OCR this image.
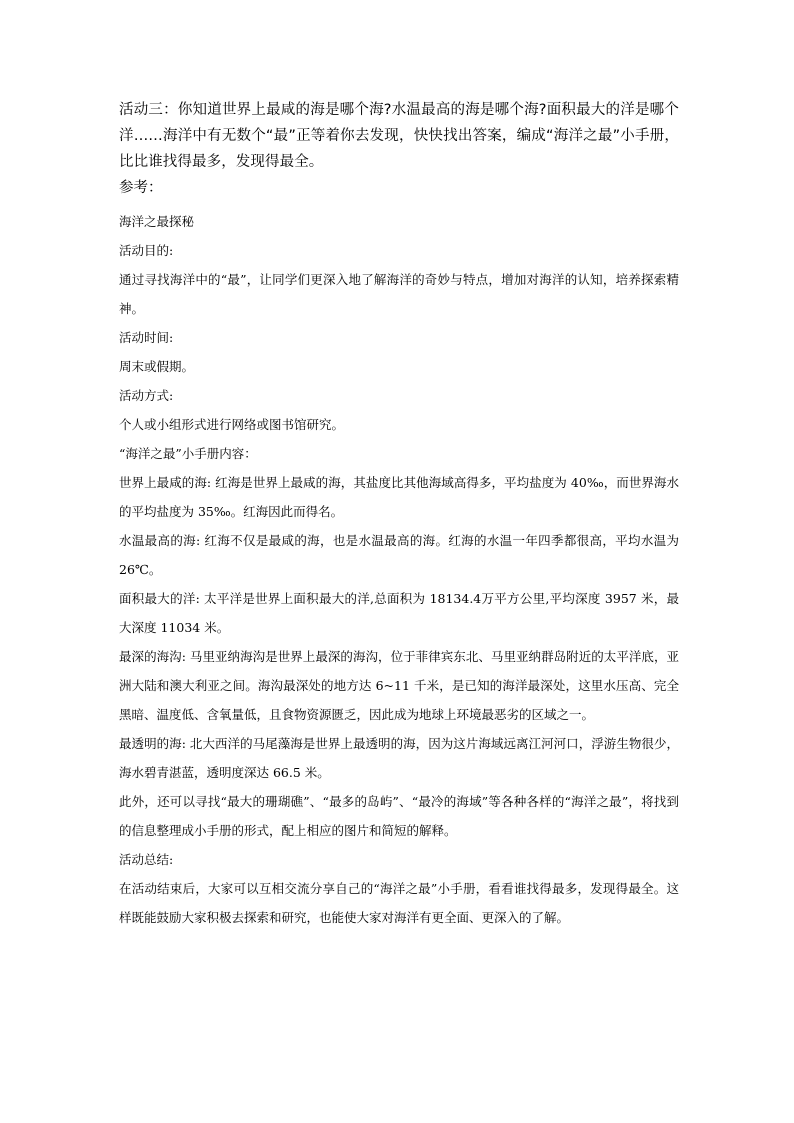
活动三：你知道世界上最咸的海是哪个海?水温最高的海是哪个海?面积最大的洋是哪个洋……海洋中有无数个“最”正等着你去发现，快快找出答案，编成“海洋之最”小手册，比比谁找得最多，发现得最全。

参考：

海洋之最探秘

活动目的:

通过寻找海洋中的“最”，让同学们更深入地了解海洋的奇妙与特点，增加对海洋的认知，培养探索精神。

活动时间:

周末或假期。

活动方式:

个人或小组形式进行网络或图书馆研究。

“海洋之最”小手册内容：

世界上最咸的海: 红海是世界上最咸的海，其盐度比其他海域高得多，平均盐度为 40‰，而世界海水的平均盐度为 35‰。红海因此而得名。

水温最高的海: 红海不仅是最咸的海，也是水温最高的海。红海的水温一年四季都很高，平均水温为 26℃。

面积最大的洋: 太平洋是世界上面积最大的洋,总面积为 18134.4万平方公里,平均深度 3957 米，最大深度 11034 米。

最深的海沟: 马里亚纳海沟是世界上最深的海沟，位于菲律宾东北、马里亚纳群岛附近的太平洋底，亚洲大陆和澳大利亚之间。海沟最深处的地方达 6~11 千米，是已知的海洋最深处，这里水压高、完全黑暗、温度低、含氧量低，且食物资源匮乏，因此成为地球上环境最恶劣的区域之一。

最透明的海: 北大西洋的马尾藻海是世界上最透明的海，因为这片海域远离江河河口，浮游生物很少，海水碧青湛蓝，透明度深达 66.5 米。

此外，还可以寻找“最大的珊瑚礁”、“最多的岛屿”、“最冷的海域”等各种各样的“海洋之最”，将找到的信息整理成小手册的形式，配上相应的图片和简短的解释。

活动总结:

在活动结束后，大家可以互相交流分享自己的“海洋之最”小手册，看看谁找得最多，发现得最全。这样既能鼓励大家积极去探索和研究，也能使大家对海洋有更全面、更深入的了解。
